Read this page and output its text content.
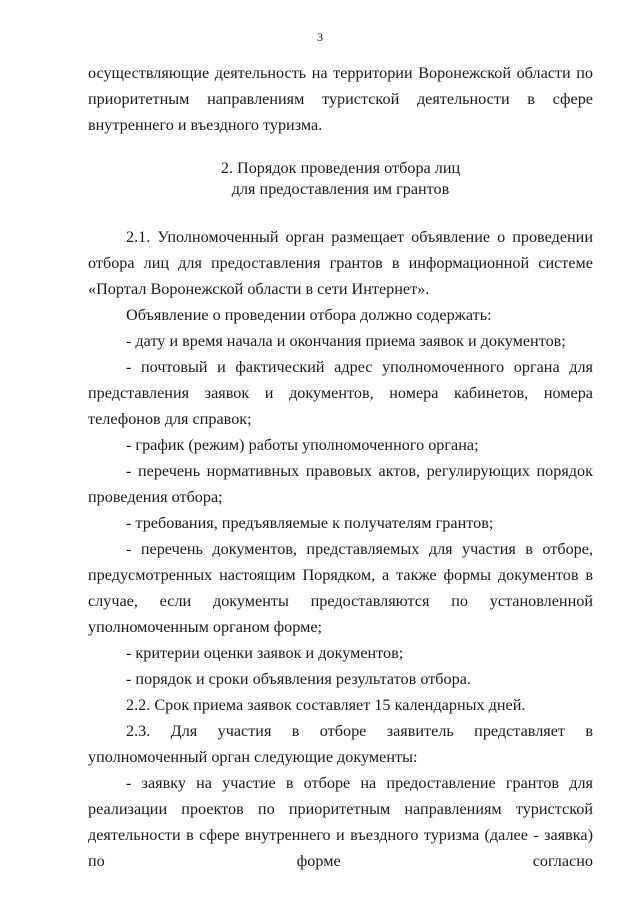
3

осуществляющие деятельность на территории Воронежской области по приоритетным направлениям туристской деятельности в сфере внутреннего и въездного туризма.

2. Порядок проведения отбора лиц
для предоставления им грантов

2.1. Уполномоченный орган размещает объявление о проведении отбора лиц для предоставления грантов в информационной системе «Портал Воронежской области в сети Интернет».

Объявление о проведении отбора должно содержать:

- дату и время начала и окончания приема заявок и документов;

- почтовый и фактический адрес уполномоченного органа для представления заявок и документов, номера кабинетов, номера телефонов для справок;

- график (режим) работы уполномоченного органа;

- перечень нормативных правовых актов, регулирующих порядок проведения отбора;

- требования, предъявляемые к получателям грантов;

- перечень документов, представляемых для участия в отборе, предусмотренных настоящим Порядком, а также формы документов в случае, если документы предоставляются по установленной уполномоченным органом форме;

- критерии оценки заявок и документов;

- порядок и сроки объявления результатов отбора.

2.2. Срок приема заявок составляет 15 календарных дней.

2.3. Для участия в отборе заявитель представляет в уполномоченный орган следующие документы:

- заявку на участие в отборе на предоставление грантов для реализации проектов по приоритетным направлениям туристской деятельности в сфере внутреннего и въездного туризма (далее - заявка) по форме согласно
